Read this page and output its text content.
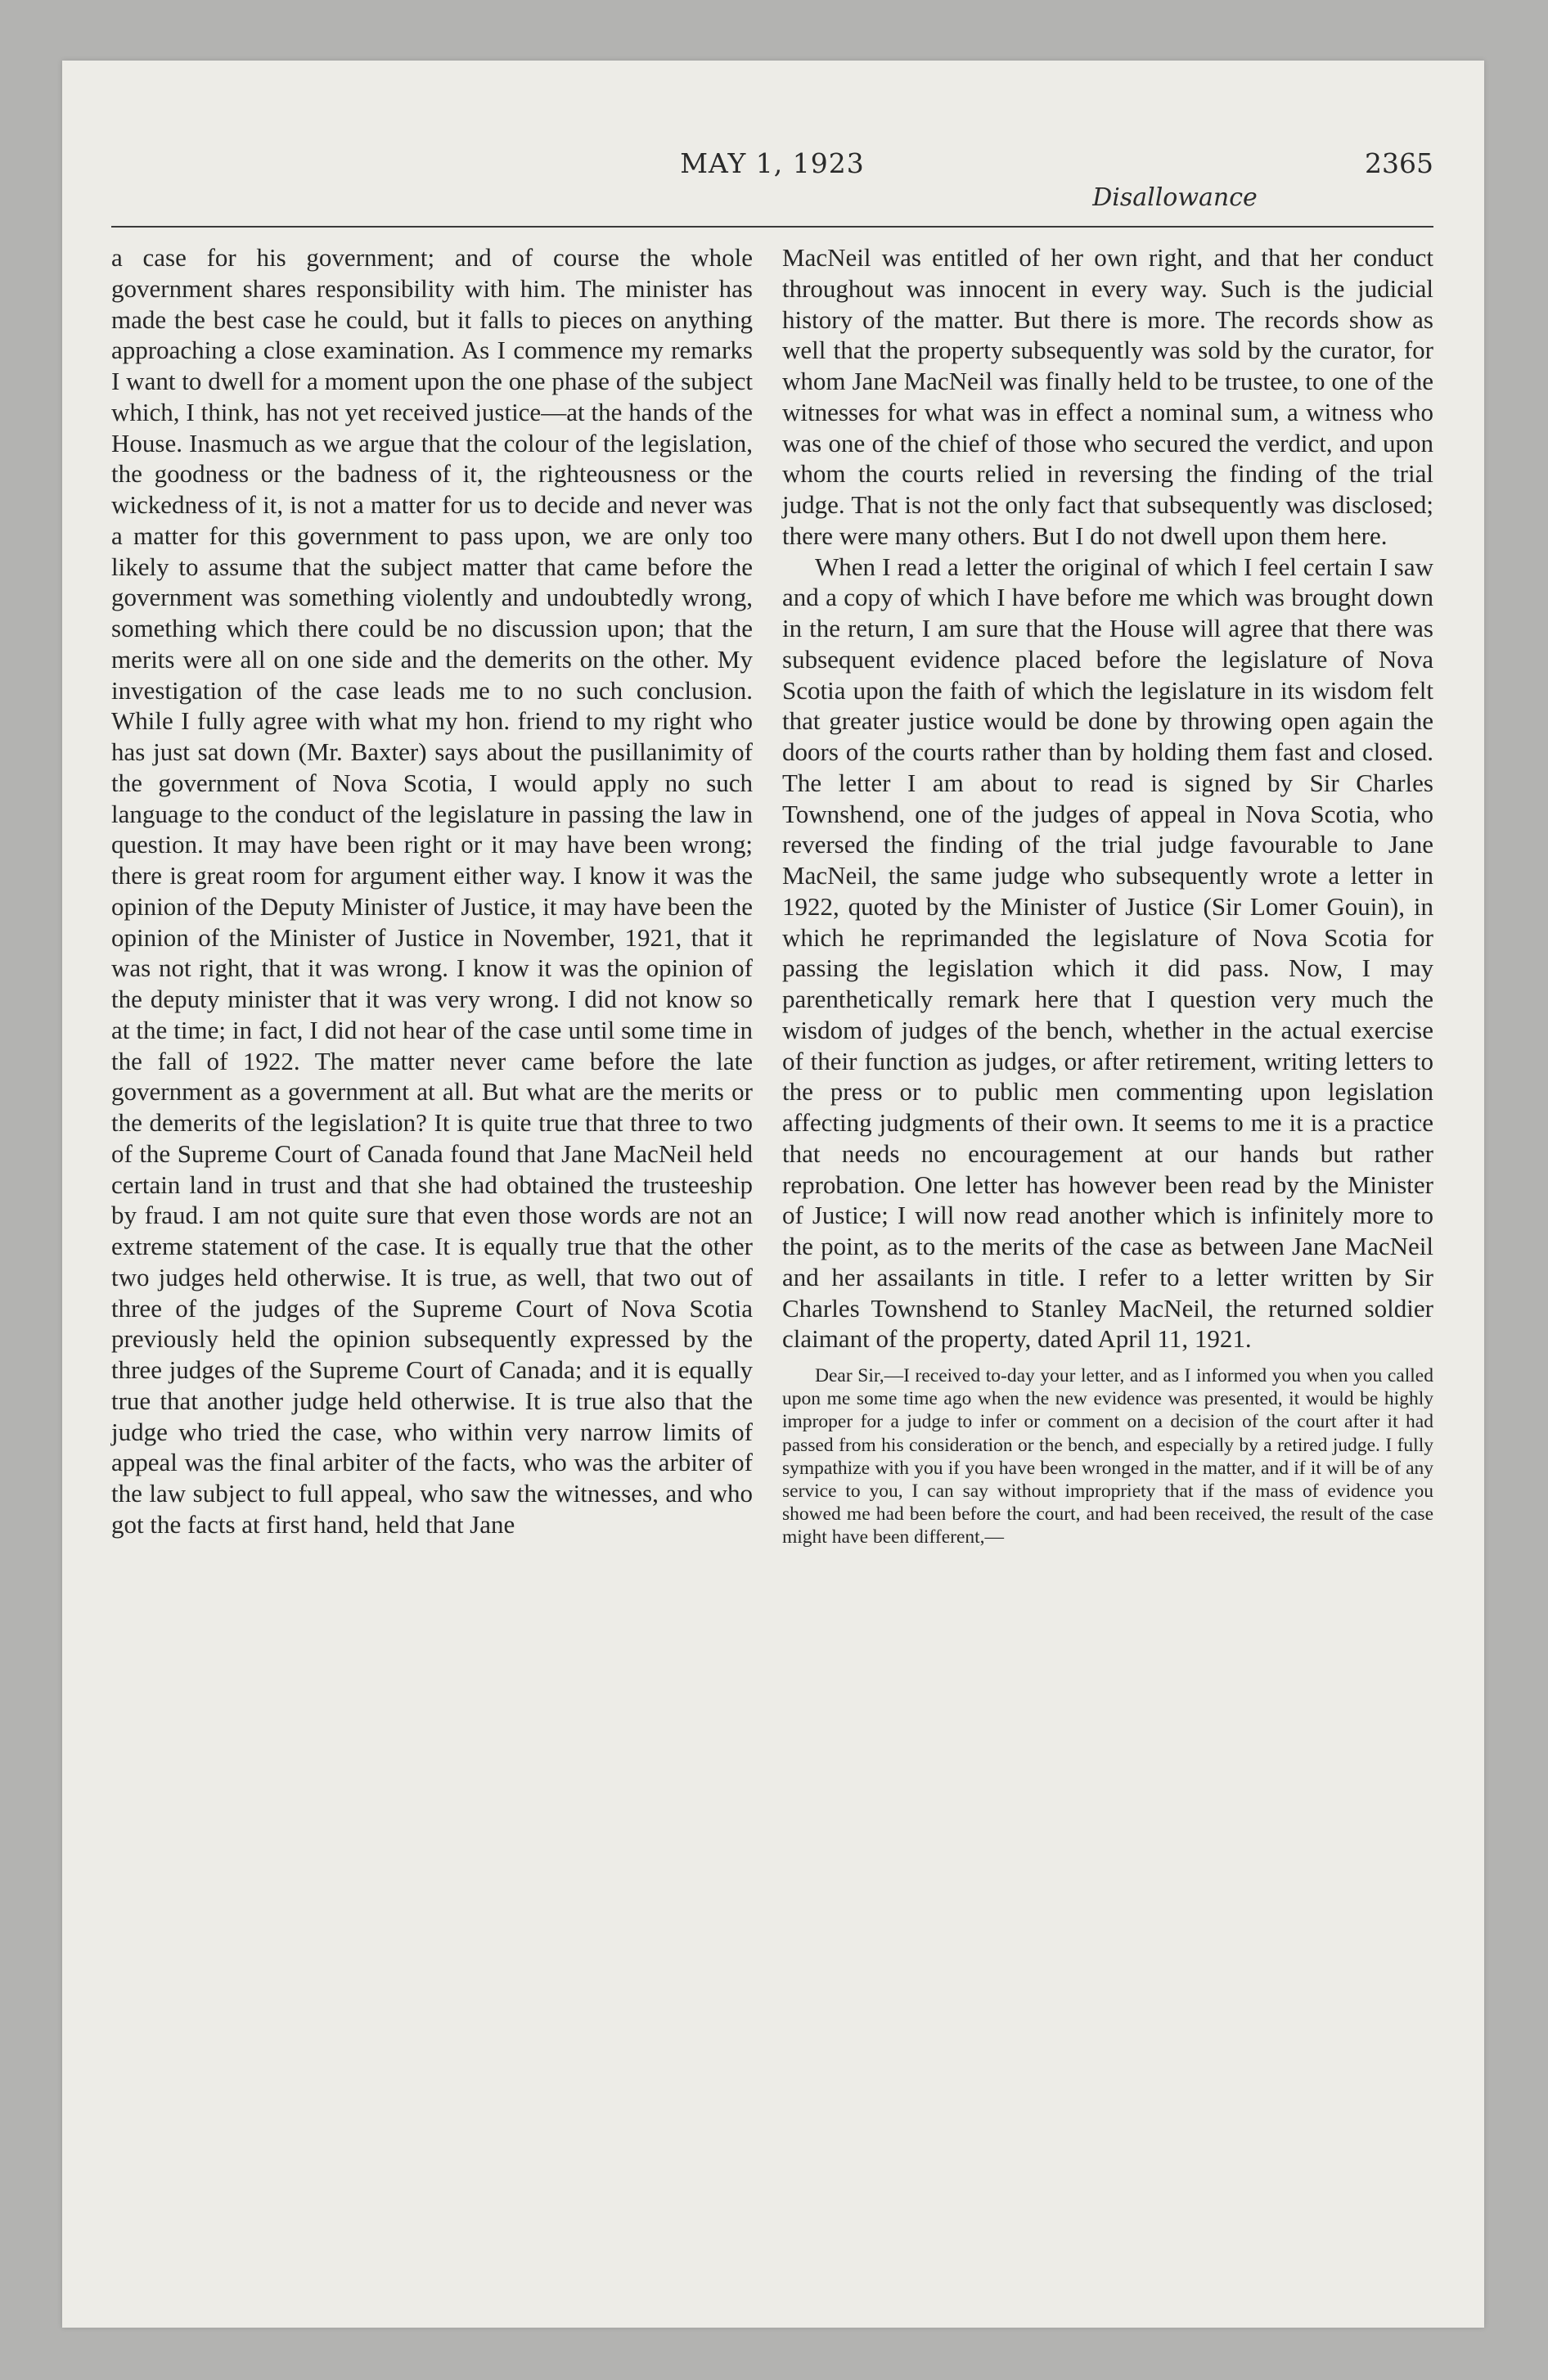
MAY 1, 1923	2365
Disallowance

a case for his government; and of course the whole government shares responsibility with him. The minister has made the best case he could, but it falls to pieces on anything approaching a close examination. As I commence my remarks I want to dwell for a moment upon the one phase of the subject which, I think, has not yet received justice—at the hands of the House. Inasmuch as we argue that the colour of the legislation, the goodness or the badness of it, the righteousness or the wickedness of it, is not a matter for us to decide and never was a matter for this government to pass upon, we are only too likely to assume that the subject matter that came before the government was something violently and undoubtedly wrong, something which there could be no discussion upon; that the merits were all on one side and the demerits on the other. My investigation of the case leads me to no such conclusion. While I fully agree with what my hon. friend to my right who has just sat down (Mr. Baxter) says about the pusillanimity of the government of Nova Scotia, I would apply no such language to the conduct of the legislature in passing the law in question. It may have been right or it may have been wrong; there is great room for argument either way. I know it was the opinion of the Deputy Minister of Justice, it may have been the opinion of the Minister of Justice in November, 1921, that it was not right, that it was wrong. I know it was the opinion of the deputy minister that it was very wrong. I did not know so at the time; in fact, I did not hear of the case until some time in the fall of 1922. The matter never came before the late government as a government at all. But what are the merits or the demerits of the legislation? It is quite true that three to two of the Supreme Court of Canada found that Jane MacNeil held certain land in trust and that she had obtained the trusteeship by fraud. I am not quite sure that even those words are not an extreme statement of the case. It is equally true that the other two judges held otherwise. It is true, as well, that two out of three of the judges of the Supreme Court of Nova Scotia previously held the opinion subsequently expressed by the three judges of the Supreme Court of Canada; and it is equally true that another judge held otherwise. It is true also that the judge who tried the case, who within very narrow limits of appeal was the final arbiter of the facts, who was the arbiter of the law subject to full appeal, who saw the witnesses, and who got the facts at first hand, held that Jane

MacNeil was entitled of her own right, and that her conduct throughout was innocent in every way. Such is the judicial history of the matter. But there is more. The records show as well that the property subsequently was sold by the curator, for whom Jane MacNeil was finally held to be trustee, to one of the witnesses for what was in effect a nominal sum, a witness who was one of the chief of those who secured the verdict, and upon whom the courts relied in reversing the finding of the trial judge. That is not the only fact that subsequently was disclosed; there were many others. But I do not dwell upon them here.

When I read a letter the original of which I feel certain I saw and a copy of which I have before me which was brought down in the return, I am sure that the House will agree that there was subsequent evidence placed before the legislature of Nova Scotia upon the faith of which the legislature in its wisdom felt that greater justice would be done by throwing open again the doors of the courts rather than by holding them fast and closed. The letter I am about to read is signed by Sir Charles Townshend, one of the judges of appeal in Nova Scotia, who reversed the finding of the trial judge favourable to Jane MacNeil, the same judge who subsequently wrote a letter in 1922, quoted by the Minister of Justice (Sir Lomer Gouin), in which he reprimanded the legislature of Nova Scotia for passing the legislation which it did pass. Now, I may parenthetically remark here that I question very much the wisdom of judges of the bench, whether in the actual exercise of their function as judges, or after retirement, writing letters to the press or to public men commenting upon legislation affecting judgments of their own. It seems to me it is a practice that needs no encouragement at our hands but rather reprobation. One letter has however been read by the Minister of Justice; I will now read another which is infinitely more to the point, as to the merits of the case as between Jane MacNeil and her assailants in title. I refer to a letter written by Sir Charles Townshend to Stanley MacNeil, the returned soldier claimant of the property, dated April 11, 1921.

Dear Sir,—I received to-day your letter, and as I informed you when you called upon me some time ago when the new evidence was presented, it would be highly improper for a judge to infer or comment on a decision of the court after it had passed from his consideration or the bench, and especially by a retired judge. I fully sympathize with you if you have been wronged in the matter, and if it will be of any service to you, I can say without impropriety that if the mass of evidence you showed me had been before the court, and had been received, the result of the case might have been different,—
